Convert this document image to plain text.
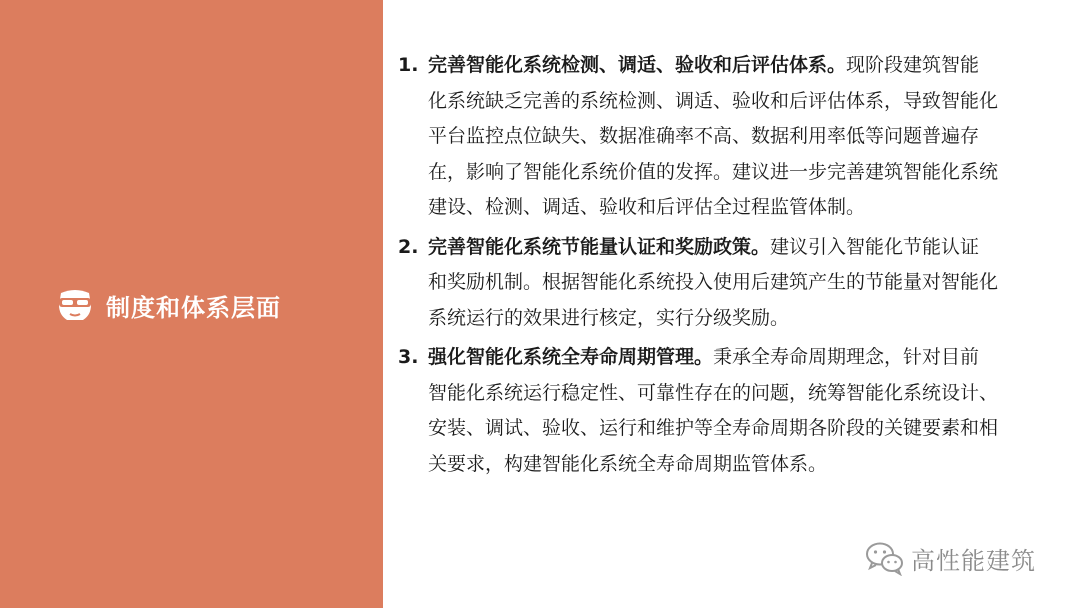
制度和体系层面
1. 完善智能化系统检测、调适、验收和后评估体系。现阶段建筑智能化系统缺乏完善的系统检测、调适、验收和后评估体系，导致智能化平台监控点位缺失、数据准确率不高、数据利用率低等问题普遍存在，影响了智能化系统价值的发挥。建议进一步完善建筑智能化系统建设、检测、调适、验收和后评估全过程监管体制。
2. 完善智能化系统节能量认证和奖励政策。建议引入智能化节能认证和奖励机制。根据智能化系统投入使用后建筑产生的节能量对智能化系统运行的效果进行核定，实行分级奖励。
3. 强化智能化系统全寿命周期管理。秉承全寿命周期理念，针对目前智能化系统运行稳定性、可靠性存在的问题，统筹智能化系统设计、安装、调试、验收、运行和维护等全寿命周期各阶段的关键要素和相关要求，构建智能化系统全寿命周期监管体系。
高性能建筑
